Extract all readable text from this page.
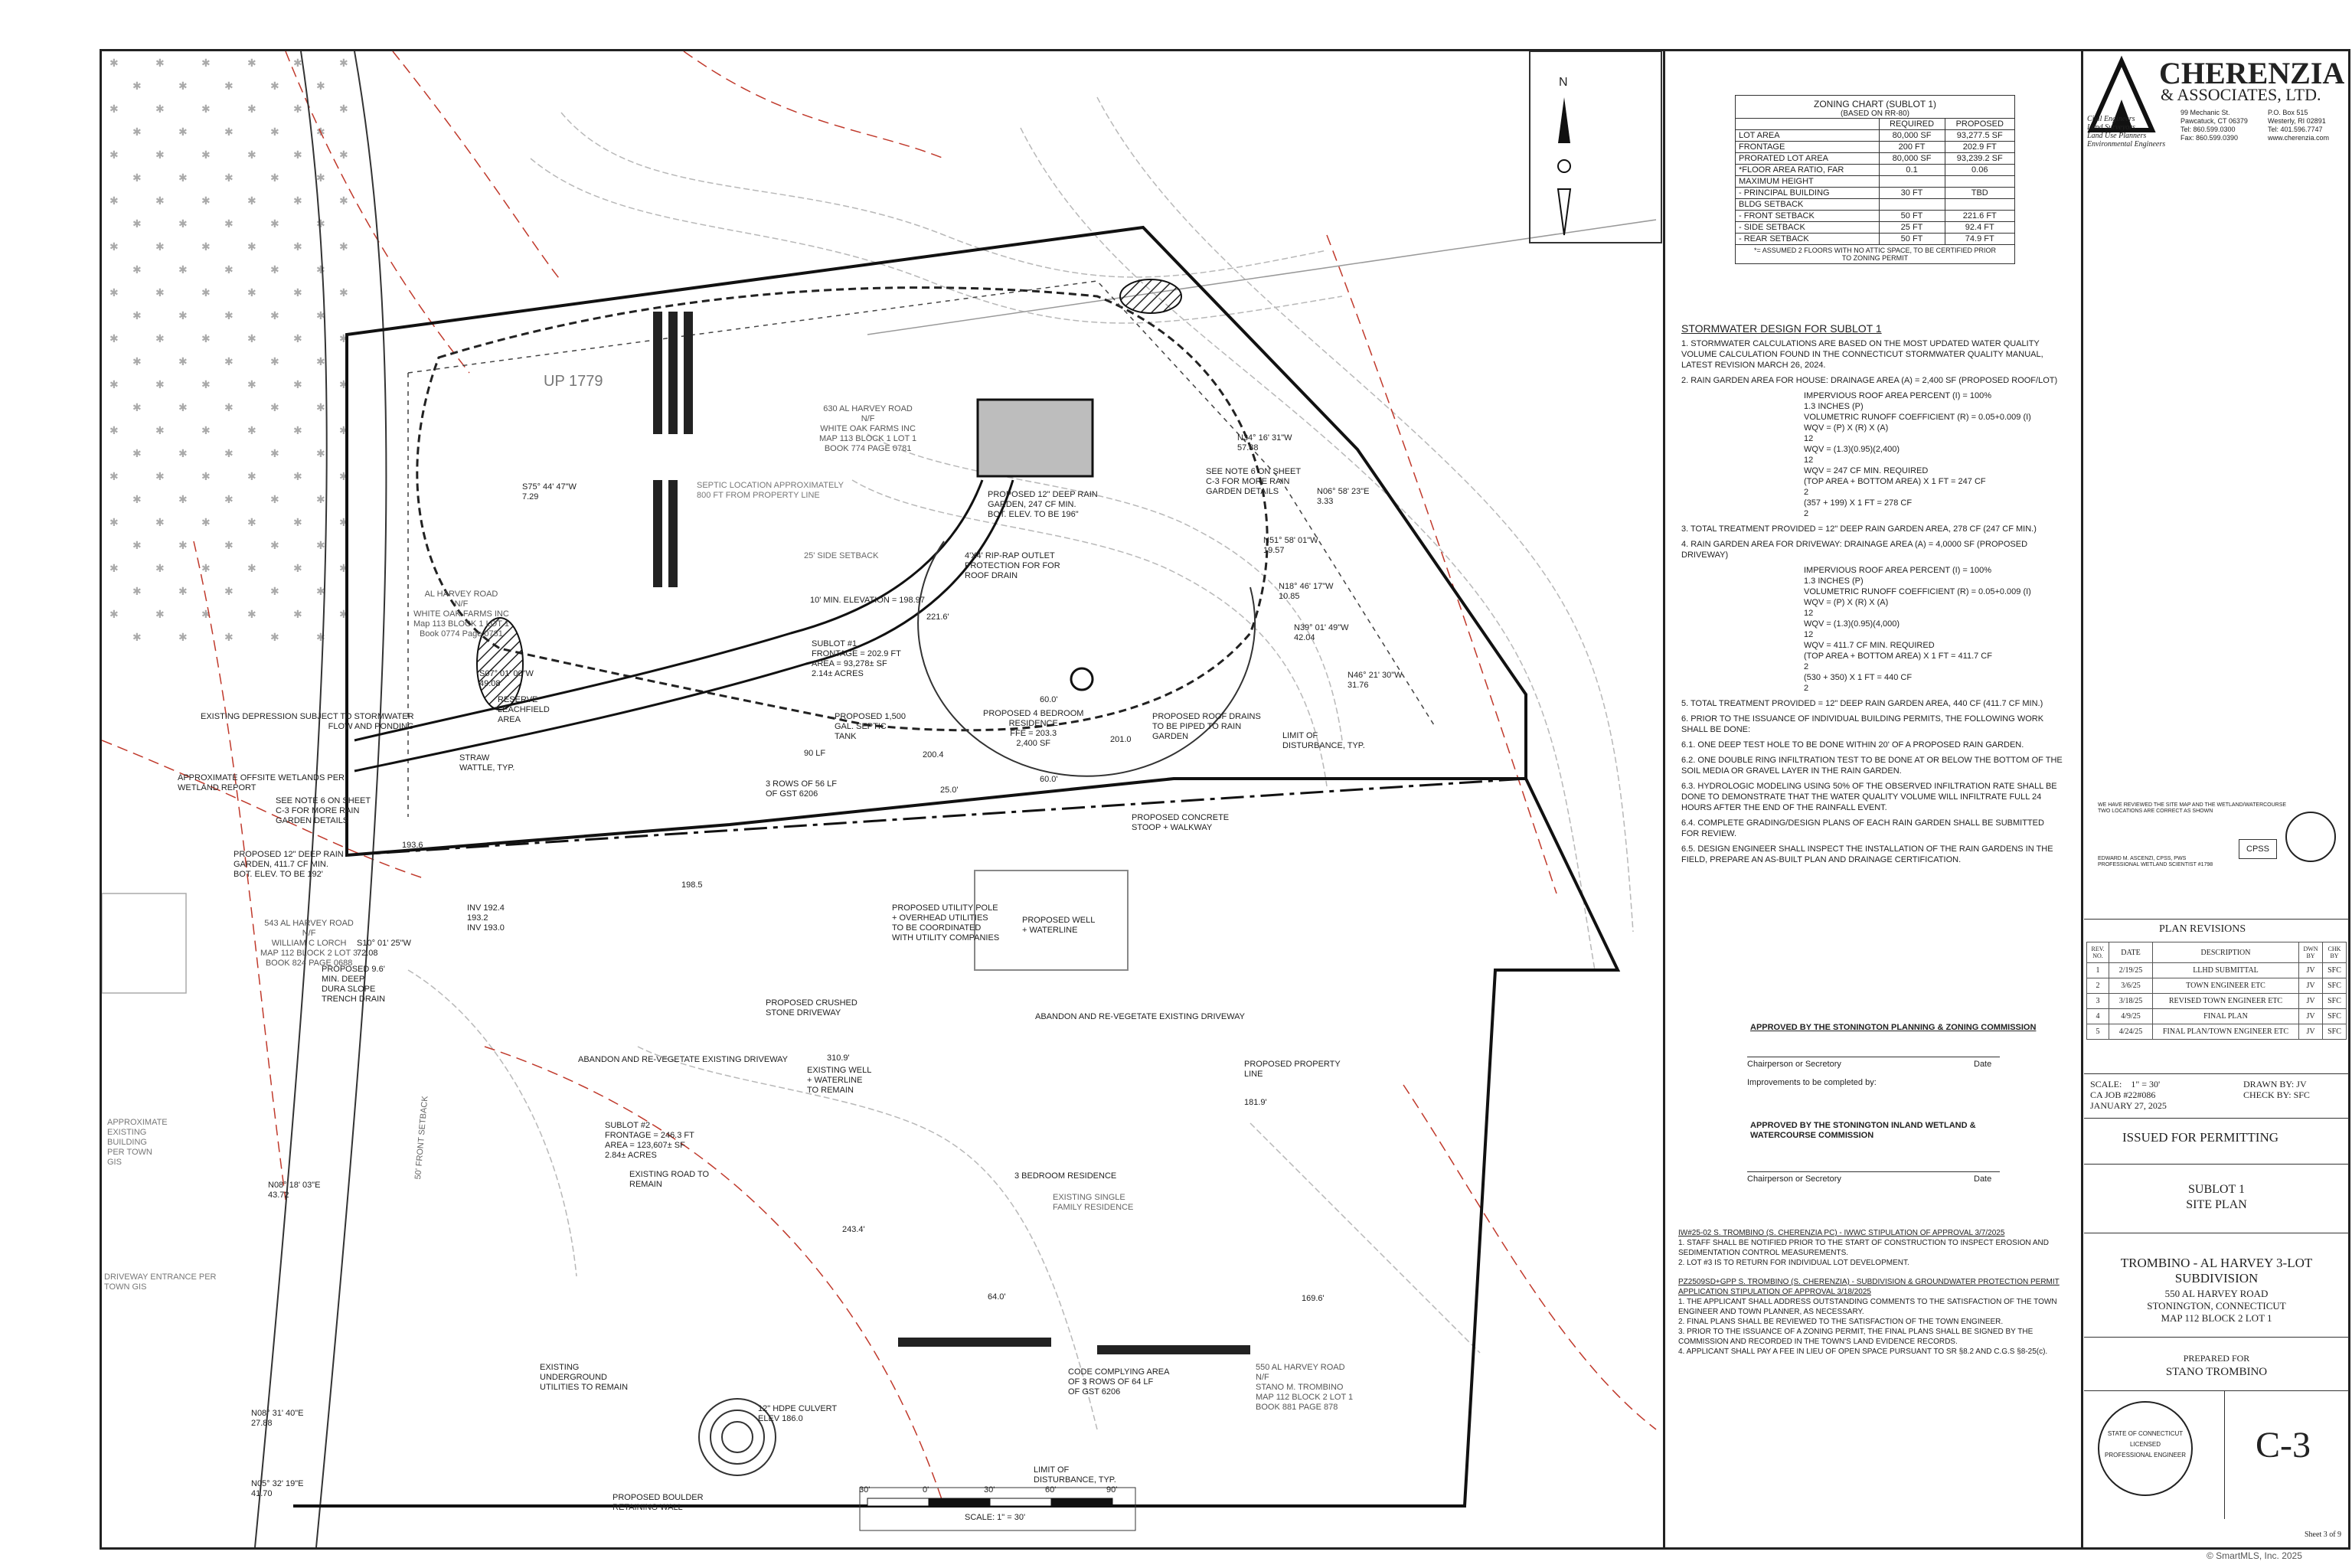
N
30'	0'	30'	60'	90'
SCALE: 1" = 30'
UP 1779
630 AL HARVEY ROAD
N/F
WHITE OAK FARMS INC
MAP 113 BLOCK 1 LOT 1
BOOK 774 PAGE 0781
AL HARVEY ROAD
N/F
WHITE OAK FARMS INC
Map 113 BLOCK 1 LOT 1
Book 0774 Page 0781
SEPTIC LOCATION APPROXIMATELY
800 FT FROM PROPERTY LINE	PROPOSED 12" DEEP RAIN
GARDEN, 247 CF MIN.
BOT. ELEV. TO BE 196"
SEE NOTE 6 ON SHEET
C-3 FOR MORE RAIN
GARDEN DETAILS
4'X4' RIP-RAP OUTLET
PROTECTION FOR FOR
ROOF DRAIN
10' MIN. ELEVATION = 198.97
SUBLOT #1
FRONTAGE = 202.9 FT
AREA = 93,278± SF
2.14± ACRES
PROPOSED 1,500
GAL. SEPTIC
TANK
PROPOSED 4 BEDROOM
RESIDENCE
FFE = 203.3
2,400 SF
60.0'
60.0'
PROPOSED ROOF DRAINS
TO BE PIPED TO RAIN
GARDEN	LIMIT OF
DISTURBANCE, TYP.
PROPOSED CONCRETE
STOOP + WALKWAY
RESERVE
LEACHFIELD
AREA
STRAW
WATTLE, TYP.
3 ROWS OF 56 LF
OF GST 6206
EXISTING DEPRESSION SUBJECT TO STORMWATER
FLOW AND PONDING
APPROXIMATE OFFSITE WETLANDS PER
WETLAND REPORT
SEE NOTE 6 ON SHEET
C-3 FOR MORE RAIN
GARDEN DETAILS
PROPOSED 12" DEEP RAIN
GARDEN, 411.7 CF MIN.
BOT. ELEV. TO BE 192'
543 AL HARVEY ROAD
N/F
WILLIAM C LORCH
MAP 112 BLOCK 2 LOT 3
BOOK 824 PAGE 0688
PROPOSED 9.6'
MIN. DEEP
DURA SLOPE
TRENCH DRAIN
PROPOSED UTILITY POLE
+ OVERHEAD UTILITIES
TO BE COORDINATED
WITH UTILITY COMPANIES
PROPOSED WELL
+ WATERLINE
PROPOSED CRUSHED
STONE DRIVEWAY	ABANDON AND RE-VEGETATE EXISTING DRIVEWAY
ABANDON AND RE-VEGETATE EXISTING DRIVEWAY
EXISTING WELL
+ WATERLINE
TO REMAIN
PROPOSED PROPERTY
LINE
SUBLOT #2
FRONTAGE = 246.3 FT
AREA = 123,607± SF
2.84± ACRES
EXISTING ROAD TO
REMAIN
3 BEDROOM RESIDENCE
EXISTING SINGLE
FAMILY RESIDENCE
APPROXIMATE
EXISTING
BUILDING
PER TOWN
GIS
DRIVEWAY ENTRANCE PER
TOWN GIS
EXISTING
UNDERGROUND
UTILITIES TO REMAIN
64.0'
CODE COMPLYING AREA
OF 3 ROWS OF 64 LF
OF GST 6206
550 AL HARVEY ROAD
N/F
STANO M. TROMBINO
MAP 112 BLOCK 2 LOT 1
BOOK 881 PAGE 878
12" HDPE CULVERT
ELEV 186.0
PROPOSED BOULDER
RETAINING WALL
LIMIT OF
DISTURBANCE, TYP.
25' SIDE SETBACK
50' FRONT SETBACK
S75° 44' 47"W
7.29
S07° 01' 00"W
49.08
N34° 16' 31"W
57.88
N06° 58' 23"E
3.33
N51° 58' 01"W
19.57
N18° 46' 17"W
10.85
N39° 01' 49"W
42.04
N46° 21' 30"W
31.76
S10° 01' 25"W
72.08
N08° 18' 03"E
43.72
N08° 31' 40"E
27.88
N05° 32' 19"E
41.70
221.6'
310.9'
181.9'
243.4'
169.6'
90 LF
25.0'
200.4
201.0
198.5
193.6
INV 192.4
193.2
INV 193.0
ZONING CHART (SUBLOT 1)
(BASED ON RR-80)
	REQUIRED	PROPOSED
LOT AREA	80,000 SF	93,277.5 SF
FRONTAGE	200 FT	202.9 FT
PRORATED LOT AREA	80,000 SF	93,239.2 SF
*FLOOR AREA RATIO, FAR	0.1	0.06
MAXIMUM HEIGHT		
- PRINCIPAL BUILDING	30 FT	TBD
BLDG SETBACK		
- FRONT SETBACK	50 FT	221.6 FT
- SIDE SETBACK	25 FT	92.4 FT
- REAR SETBACK	50 FT	74.9 FT
*= ASSUMED 2 FLOORS WITH NO ATTIC SPACE, TO BE CERTIFIED PRIOR
TO ZONING PERMIT

STORMWATER DESIGN FOR SUBLOT 1

1. STORMWATER CALCULATIONS ARE BASED ON THE MOST UPDATED WATER QUALITY VOLUME CALCULATION FOUND IN THE CONNECTICUT STORMWATER QUALITY MANUAL, LATEST REVISION MARCH 26, 2024.

2. RAIN GARDEN AREA FOR HOUSE: DRAINAGE AREA (A) = 2,400 SF (PROPOSED ROOF/LOT)

IMPERVIOUS ROOF AREA PERCENT (I) = 100%
1.3 INCHES (P)
VOLUMETRIC RUNOFF COEFFICIENT (R) = 0.05+0.009 (I)
WQV = (P) X (R) X (A)
12
WQV = (1.3)(0.95)(2,400)
12
WQV = 247 CF MIN. REQUIRED
(TOP AREA + BOTTOM AREA) X 1 FT = 247 CF
2
(357 + 199) X 1 FT = 278 CF
2

3. TOTAL TREATMENT PROVIDED = 12" DEEP RAIN GARDEN AREA, 278 CF (247 CF MIN.)

4. RAIN GARDEN AREA FOR DRIVEWAY: DRAINAGE AREA (A) = 4,0000 SF (PROPOSED DRIVEWAY)

IMPERVIOUS ROOF AREA PERCENT (I) = 100%
1.3 INCHES (P)
VOLUMETRIC RUNOFF COEFFICIENT (R) = 0.05+0.009 (I)
WQV = (P) X (R) X (A)
12
WQV = (1.3)(0.95)(4,000)
12
WQV = 411.7 CF MIN. REQUIRED
(TOP AREA + BOTTOM AREA) X 1 FT = 411.7 CF
2
(530 + 350) X 1 FT = 440 CF
2

5. TOTAL TREATMENT PROVIDED = 12" DEEP RAIN GARDEN AREA, 440 CF (411.7 CF MIN.)

6. PRIOR TO THE ISSUANCE OF INDIVIDUAL BUILDING PERMITS, THE FOLLOWING WORK SHALL BE DONE:

6.1. ONE DEEP TEST HOLE TO BE DONE WITHIN 20' OF A PROPOSED RAIN GARDEN.

6.2. ONE DOUBLE RING INFILTRATION TEST TO BE DONE AT OR BELOW THE BOTTOM OF THE SOIL MEDIA OR GRAVEL LAYER IN THE RAIN GARDEN.

6.3. HYDROLOGIC MODELING USING 50% OF THE OBSERVED INFILTRATION RATE SHALL BE DONE TO DEMONSTRATE THAT THE WATER QUALITY VOLUME WILL INFILTRATE FULL 24 HOURS AFTER THE END OF THE RAINFALL EVENT.

6.4. COMPLETE GRADING/DESIGN PLANS OF EACH RAIN GARDEN SHALL BE SUBMITTED FOR REVIEW.

6.5. DESIGN ENGINEER SHALL INSPECT THE INSTALLATION OF THE RAIN GARDENS IN THE FIELD, PREPARE AN AS-BUILT PLAN AND DRAINAGE CERTIFICATION.

APPROVED BY THE STONINGTON PLANNING & ZONING COMMISSION
Chairperson or Secretory	Date
Improvements to be completed by:
APPROVED BY THE STONINGTON INLAND WETLAND &
WATERCOURSE COMMISSION
Chairperson or Secretory	Date
IW#25-02 S. TROMBINO (S. CHERENZIA PC) - IWWC STIPULATION OF APPROVAL 3/7/2025
1. STAFF SHALL BE NOTIFIED PRIOR TO THE START OF CONSTRUCTION TO INSPECT EROSION AND SEDIMENTATION CONTROL MEASUREMENTS.
2. LOT #3 IS TO RETURN FOR INDIVIDUAL LOT DEVELOPMENT.
PZ2509SD+GPP S. TROMBINO (S. CHERENZIA) - SUBDIVISION & GROUNDWATER PROTECTION PERMIT APPLICATION STIPULATION OF APPROVAL 3/18/2025
1. THE APPLICANT SHALL ADDRESS OUTSTANDING COMMENTS TO THE SATISFACTION OF THE TOWN ENGINEER AND TOWN PLANNER, AS NECESSARY.
2. FINAL PLANS SHALL BE REVIEWED TO THE SATISFACTION OF THE TOWN ENGINEER.
3. PRIOR TO THE ISSUANCE OF A ZONING PERMIT, THE FINAL PLANS SHALL BE SIGNED BY THE COMMISSION AND RECORDED IN THE TOWN'S LAND EVIDENCE RECORDS.
4. APPLICANT SHALL PAY A FEE IN LIEU OF OPEN SPACE PURSUANT TO SR §8.2 AND C.G.S §8-25(c).
CHERENZIA
& ASSOCIATES, LTD.
Civil Engineers
Land Surveyors
Land Use Planners
Environmental Engineers
99 Mechanic St.
Pawcatuck, CT 06379
Tel: 860.599.0300
Fax: 860.599.0390
P.O. Box 515
Westerly, RI 02891
Tel: 401.596.7747
www.cherenzia.com
WE HAVE REVIEWED THE SITE MAP AND THE WETLAND/WATERCOURSE
TWO LOCATIONS ARE CORRECT AS SHOWN
EDWARD M. ASCENZI, CPSS, PWS
PROFESSIONAL WETLAND SCIENTIST #1798
CPSS
PLAN REVISIONS
REV. NO.	DATE	DESCRIPTION	DWN BY	CHK BY
1	2/19/25	LLHD SUBMITTAL	JV	SFC
2	3/6/25	TOWN ENGINEER ETC	JV	SFC
3	3/18/25	REVISED TOWN ENGINEER ETC	JV	SFC
4	4/9/25	FINAL PLAN	JV	SFC
5	4/24/25	FINAL PLAN/TOWN ENGINEER ETC	JV	SFC
SCALE:    1" = 30'
CA JOB #22#086
JANUARY 27, 2025
DRAWN BY: JV
CHECK BY: SFC
ISSUED FOR PERMITTING
SUBLOT 1
SITE PLAN
TROMBINO - AL HARVEY 3-LOT
SUBDIVISION
550 AL HARVEY ROAD
STONINGTON, CONNECTICUT
MAP 112 BLOCK 2 LOT 1
PREPARED FOR
STANO TROMBINO
STATE OF CONNECTICUT
LICENSED
PROFESSIONAL ENGINEER C-3
Sheet 3 of 9
© SmartMLS, Inc. 2025
